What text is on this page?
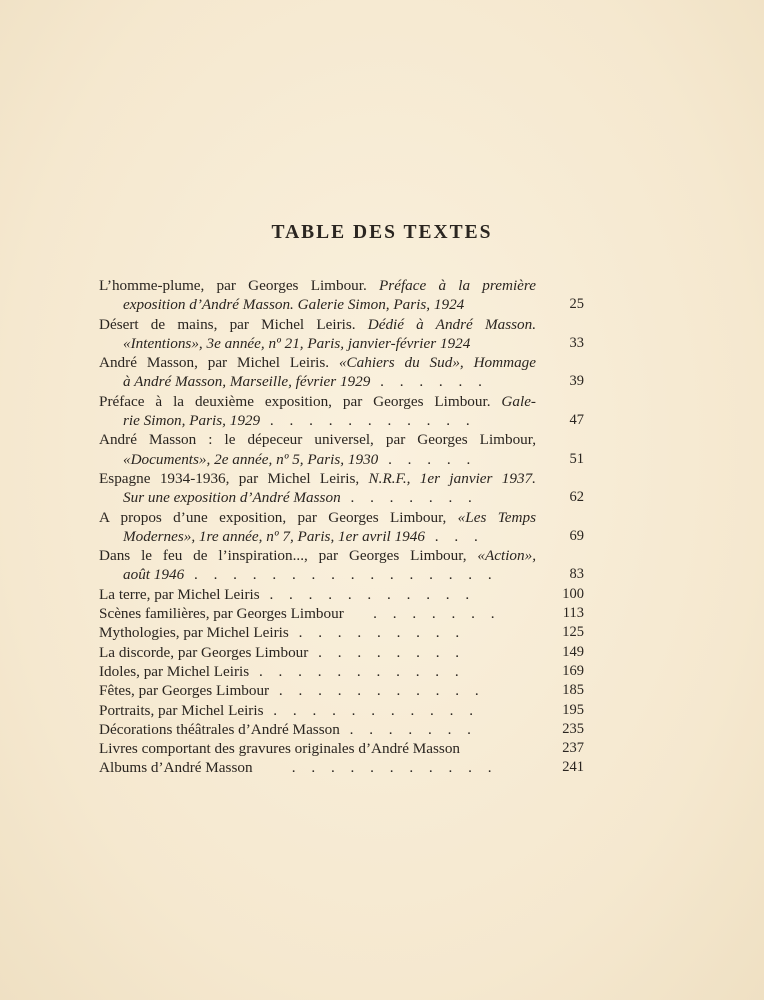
TABLE DES TEXTES
L’homme-plume, par Georges Limbour. Préface à la première
exposition d’André Masson. Galerie Simon, Paris, 1924	25
Désert de mains, par Michel Leiris. Dédié à André Masson.
«Intentions», 3e année, nº 21, Paris, janvier-février 1924	33
André Masson, par Michel Leiris. «Cahiers du Sud», Hommage
à André Masson, Marseille, février 1929 . . . . . .	39
Préface à la deuxième exposition, par Georges Limbour. Gale-
rie Simon, Paris, 1929 . . . . . . . . . . .	47
André Masson : le dépeceur universel, par Georges Limbour,
«Documents», 2e année, nº 5, Paris, 1930 . . . . .	51
Espagne 1934-1936, par Michel Leiris, N.R.F., 1er janvier 1937.
Sur une exposition d’André Masson . . . . . . .	62
A propos d’une exposition, par Georges Limbour, «Les Temps
Modernes», 1re année, nº 7, Paris, 1er avril 1946 . . .	69
Dans le feu de l’inspiration..., par Georges Limbour, «Action»,
août 1946 . . . . . . . . . . . . . . . .	83
La terre, par Michel Leiris . . . . . . . . . . .	100
Scènes familières, par Georges Limbour   . . . . . . .	113
Mythologies, par Michel Leiris . . . . . . . . .	125
La discorde, par Georges Limbour . . . . . . . .	149
Idoles, par Michel Leiris . . . . . . . . . . .	169
Fêtes, par Georges Limbour . . . . . . . . . . .	185
Portraits, par Michel Leiris . . . . . . . . . . .	195
Décorations théâtrales d’André Masson . . . . . . .	235
Livres comportant des gravures originales d’André Masson	237
Albums d’André Masson    . . . . . . . . . . .	241
